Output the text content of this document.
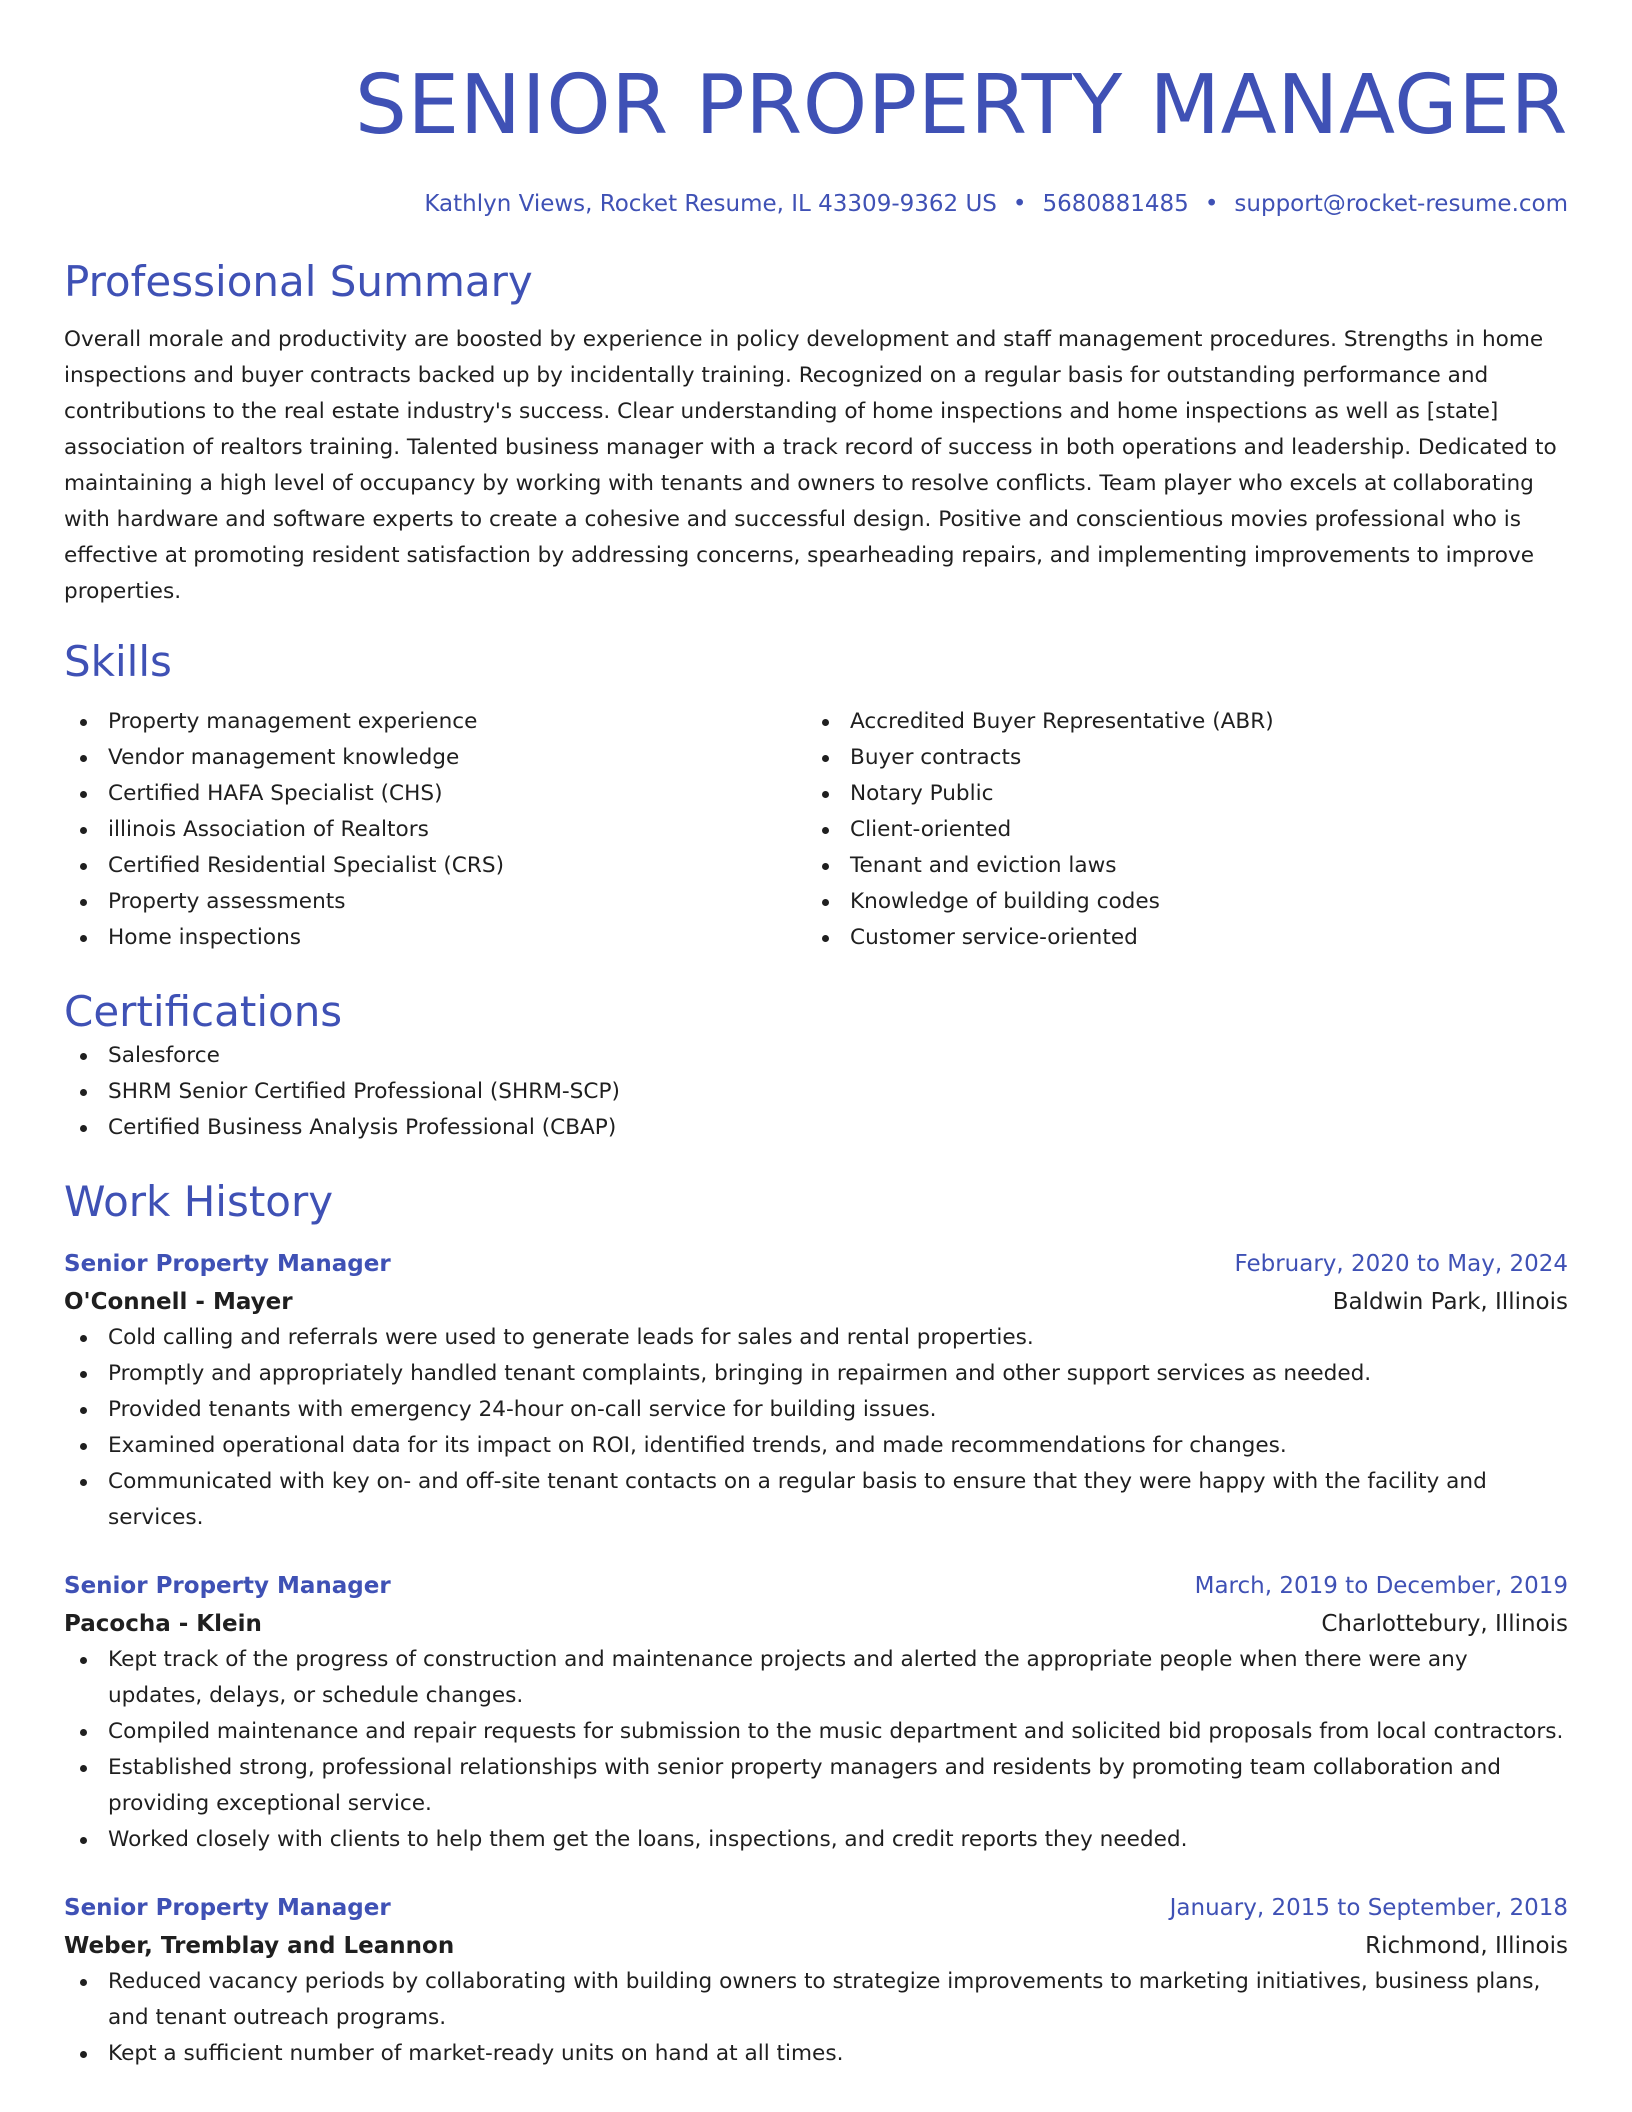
SENIOR PROPERTY MANAGER
Kathlyn Views, Rocket Resume, IL 43309-9362 US • 5680881485 • support@rocket-resume.com
Professional Summary

Overall morale and productivity are boosted by experience in policy development and staff management procedures. Strengths in home inspections and buyer contracts backed up by incidentally training. Recognized on a regular basis for outstanding performance and contributions to the real estate industry's success. Clear understanding of home inspections and home inspections as well as [state] association of realtors training. Talented business manager with a track record of success in both operations and leadership. Dedicated to maintaining a high level of occupancy by working with tenants and owners to resolve conflicts. Team player who excels at collaborating with hardware and software experts to create a cohesive and successful design. Positive and conscientious movies professional who is effective at promoting resident satisfaction by addressing concerns, spearheading repairs, and implementing improvements to improve properties.

Skills
Property management experience
Vendor management knowledge
Certified HAFA Specialist (CHS)
illinois Association of Realtors
Certified Residential Specialist (CRS)
Property assessments
Home inspections
Accredited Buyer Representative (ABR)
Buyer contracts
Notary Public
Client-oriented
Tenant and eviction laws
Knowledge of building codes
Customer service-oriented
Certifications
Salesforce
SHRM Senior Certified Professional (SHRM-SCP)
Certified Business Analysis Professional (CBAP)
Work History
Senior Property Manager	February, 2020 to May, 2024
O'Connell - Mayer	Baldwin Park, Illinois
Cold calling and referrals were used to generate leads for sales and rental properties.
Promptly and appropriately handled tenant complaints, bringing in repairmen and other support services as needed.
Provided tenants with emergency 24-hour on-call service for building issues.
Examined operational data for its impact on ROI, identified trends, and made recommendations for changes.
Communicated with key on- and off-site tenant contacts on a regular basis to ensure that they were happy with the facility and services.
Senior Property Manager	March, 2019 to December, 2019
Pacocha - Klein	Charlottebury, Illinois
Kept track of the progress of construction and maintenance projects and alerted the appropriate people when there were any updates, delays, or schedule changes.
Compiled maintenance and repair requests for submission to the music department and solicited bid proposals from local contractors.
Established strong, professional relationships with senior property managers and residents by promoting team collaboration and providing exceptional service.
Worked closely with clients to help them get the loans, inspections, and credit reports they needed.
Senior Property Manager	January, 2015 to September, 2018
Weber, Tremblay and Leannon	Richmond, Illinois
Reduced vacancy periods by collaborating with building owners to strategize improvements to marketing initiatives, business plans, and tenant outreach programs.
Kept a sufficient number of market-ready units on hand at all times.
